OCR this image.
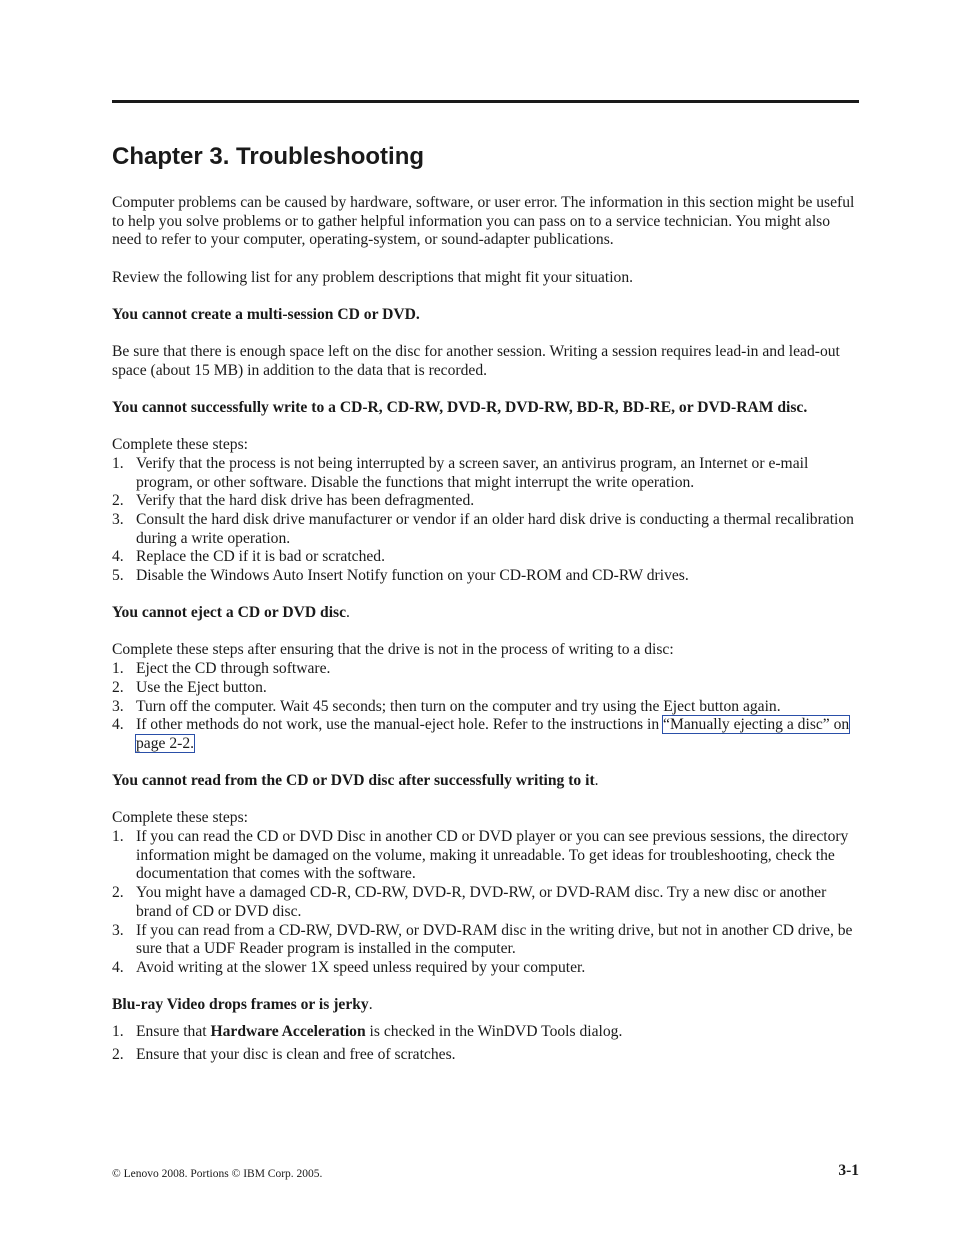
Chapter 3. Troubleshooting

Computer problems can be caused by hardware, software, or user error. The information in this section might be useful to help you solve problems or to gather helpful information you can pass on to a service technician. You might also need to refer to your computer, operating-system, or sound-adapter publications.

Review the following list for any problem descriptions that might fit your situation.

You cannot create a multi-session CD or DVD.

Be sure that there is enough space left on the disc for another session. Writing a session requires lead-in and lead-out space (about 15 MB) in addition to the data that is recorded.

You cannot successfully write to a CD-R, CD-RW, DVD-R, DVD-RW, BD-R, BD-RE, or DVD-RAM disc.

Complete these steps:

1. Verify that the process is not being interrupted by a screen saver, an antivirus program, an Internet or e-mail program, or other software. Disable the functions that might interrupt the write operation.
2. Verify that the hard disk drive has been defragmented.
3. Consult the hard disk drive manufacturer or vendor if an older hard disk drive is conducting a thermal recalibration during a write operation.
4. Replace the CD if it is bad or scratched.
5. Disable the Windows Auto Insert Notify function on your CD-ROM and CD-RW drives.

You cannot eject a CD or DVD disc.

Complete these steps after ensuring that the drive is not in the process of writing to a disc:

1. Eject the CD through software.
2. Use the Eject button.
3. Turn off the computer. Wait 45 seconds; then turn on the computer and try using the Eject button again.
4. If other methods do not work, use the manual-eject hole. Refer to the instructions in “Manually ejecting a disc” on page 2-2.

You cannot read from the CD or DVD disc after successfully writing to it.

Complete these steps:

1. If you can read the CD or DVD Disc in another CD or DVD player or you can see previous sessions, the directory information might be damaged on the volume, making it unreadable. To get ideas for troubleshooting, check the documentation that comes with the software.
2. You might have a damaged CD-R, CD-RW, DVD-R, DVD-RW, or DVD-RAM disc. Try a new disc or another brand of CD or DVD disc.
3. If you can read from a CD-RW, DVD-RW, or DVD-RAM disc in the writing drive, but not in another CD drive, be sure that a UDF Reader program is installed in the computer.
4. Avoid writing at the slower 1X speed unless required by your computer.

Blu-ray Video drops frames or is jerky.

1. Ensure that Hardware Acceleration is checked in the WinDVD Tools dialog.
2. Ensure that your disc is clean and free of scratches.
© Lenovo 2008. Portions © IBM Corp. 2005.	3-1
